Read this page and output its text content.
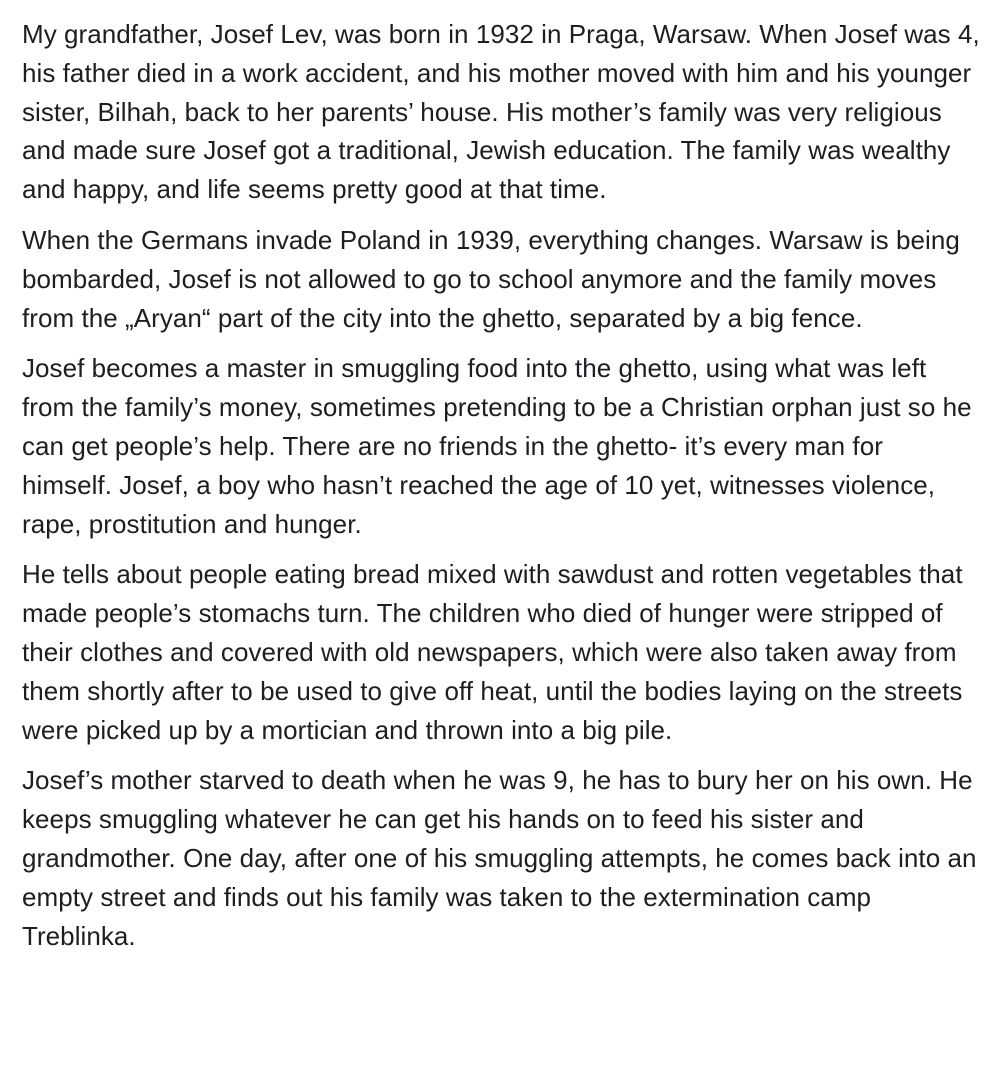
My grandfather, Josef Lev, was born in 1932 in Praga, Warsaw. When Josef was 4, his father died in a work accident, and his mother moved with him and his younger sister, Bilhah, back to her parents’ house. His mother’s family was very religious and made sure Josef got a traditional, Jewish education. The family was wealthy and happy, and life seems pretty good at that time.

When the Germans invade Poland in 1939, everything changes. Warsaw is being bombarded, Josef is not allowed to go to school anymore and the family moves from the „Aryan“ part of the city into the ghetto, separated by a big fence.

Josef becomes a master in smuggling food into the ghetto, using what was left from the family’s money, sometimes pretending to be a Christian orphan just so he can get people’s help. There are no friends in the ghetto- it’s every man for himself. Josef, a boy who hasn’t reached the age of 10 yet, witnesses violence, rape, prostitution and hunger.

He tells about people eating bread mixed with sawdust and rotten vegetables that made people’s stomachs turn. The children who died of hunger were stripped of their clothes and covered with old newspapers, which were also taken away from them shortly after to be used to give off heat, until the bodies laying on the streets were picked up by a mortician and thrown into a big pile.

Josef’s mother starved to death when he was 9, he has to bury her on his own. He keeps smuggling whatever he can get his hands on to feed his sister and grandmother. One day, after one of his smuggling attempts, he comes back into an empty street and finds out his family was taken to the extermination camp Treblinka.
